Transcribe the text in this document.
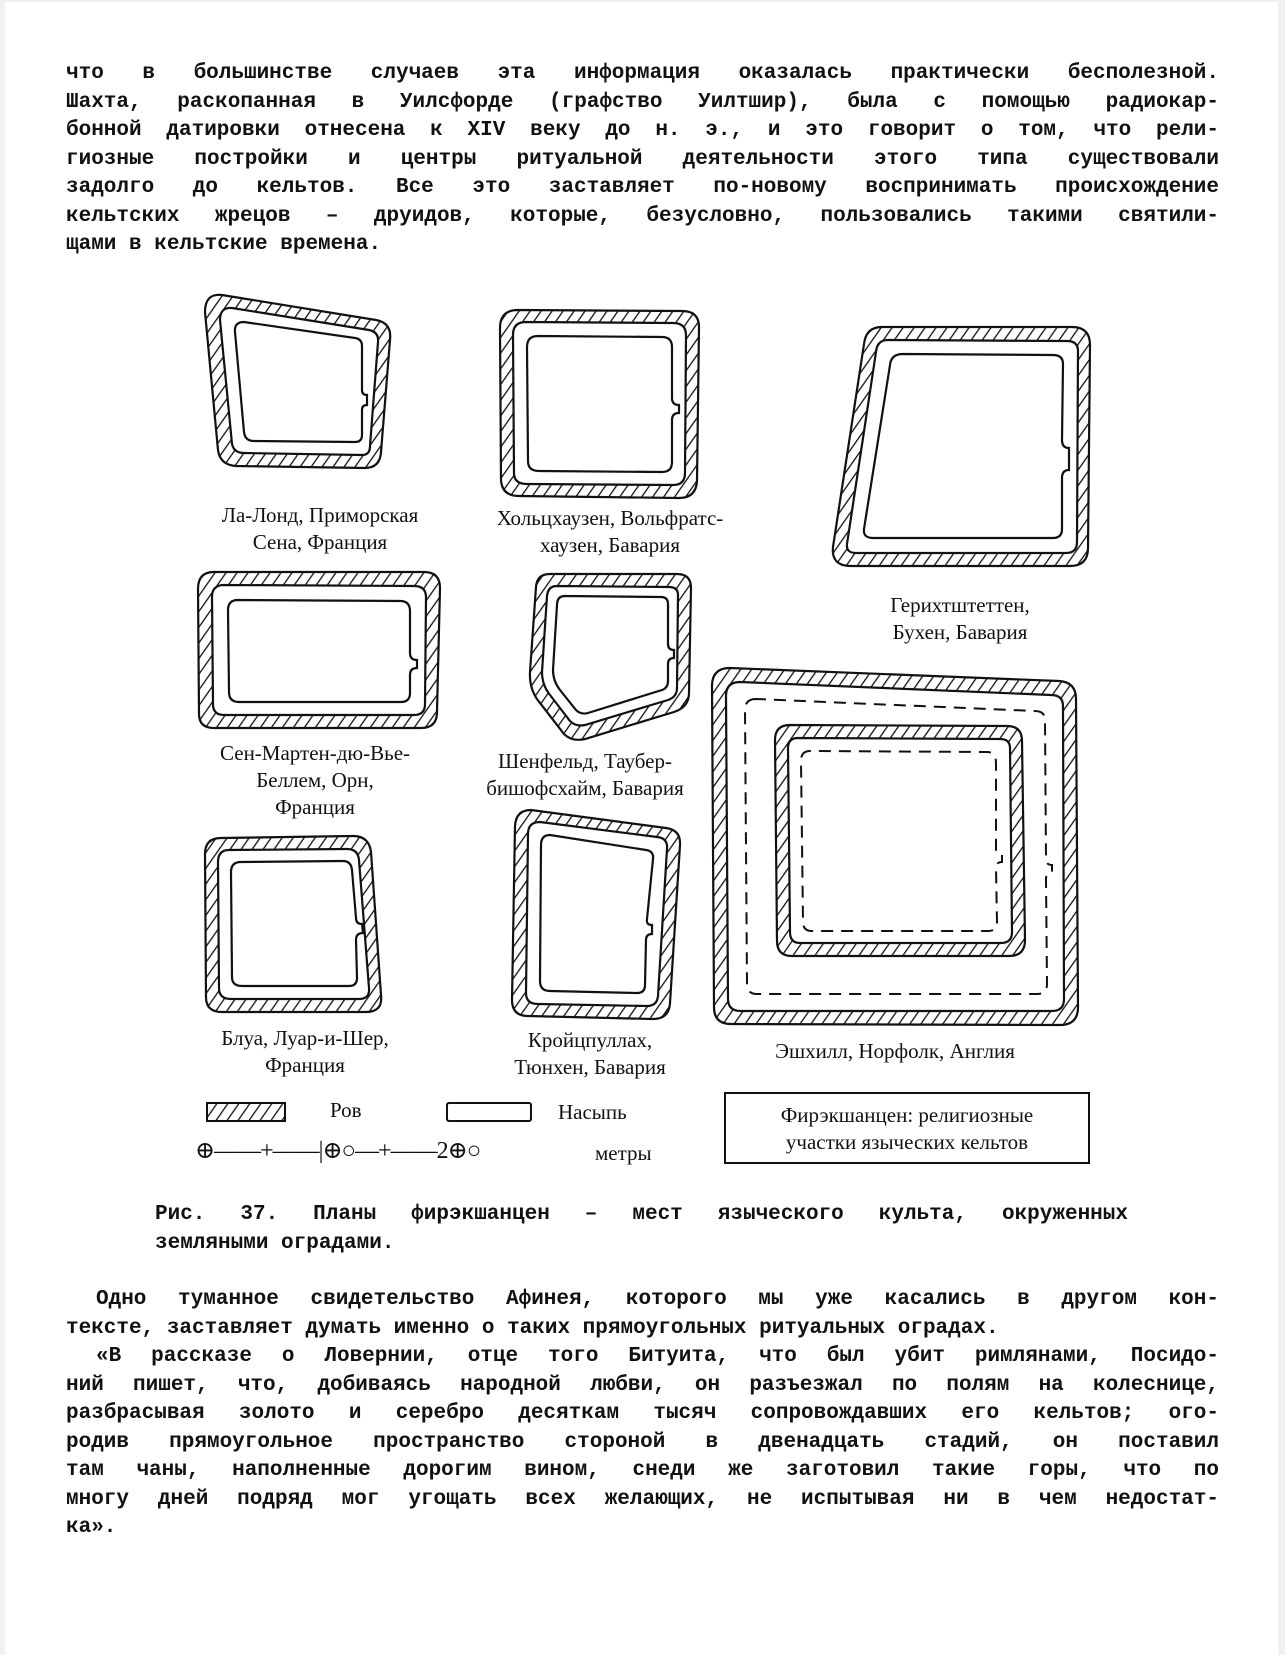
что в большинстве случаев эта информация оказалась практически бесполезной.
Шахта, раскопанная в Уилсфорде (графство Уилтшир), была с помощью радиокар-
бонной датировки отнесена к XIV веку до н. э., и это говорит о том, что рели-
гиозные постройки и центры ритуальной деятельности этого типа существовали
задолго до кельтов. Все это заставляет по-новому воспринимать происхождение
кельтских жрецов – друидов, которые, безусловно, пользовались такими святили-
щами в кельтские времена.
Ла-Лонд, Приморская
Сена, Франция
Хольцхаузен, Вольфратс-
хаузен, Бавария
Герихтштеттен,
Бухен, Бавария
Сен-Мартен-дю-Вье-
Беллем, Орн,
Франция
Шенфельд, Таубер-
бишофсхайм, Бавария
Блуа, Луар-и-Шер,
Франция
Кройцпуллах,
Тюнхен, Бавария
Эшхилл, Норфолк, Англия
Ров	Насыпь
⊕——+——|⊕○—+——2⊕○	метры
Фирэкшанцен: религиозные
участки языческих кельтов
Рис. 37. Планы фирэкшанцен – мест языческого культа, окруженных
земляными оградами.
Одно туманное свидетельство Афинея, которого мы уже касались в другом кон-
тексте, заставляет думать именно о таких прямоугольных ритуальных оградах.
«В рассказе о Ловернии, отце того Битуита, что был убит римлянами, Посидо-
ний пишет, что, добиваясь народной любви, он разъезжал по полям на колеснице,
разбрасывая золото и серебро десяткам тысяч сопровождавших его кельтов; ого-
родив прямоугольное пространство стороной в двенадцать стадий, он поставил
там чаны, наполненные дорогим вином, снеди же заготовил такие горы, что по
многу дней подряд мог угощать всех желающих, не испытывая ни в чем недостат-
ка».
